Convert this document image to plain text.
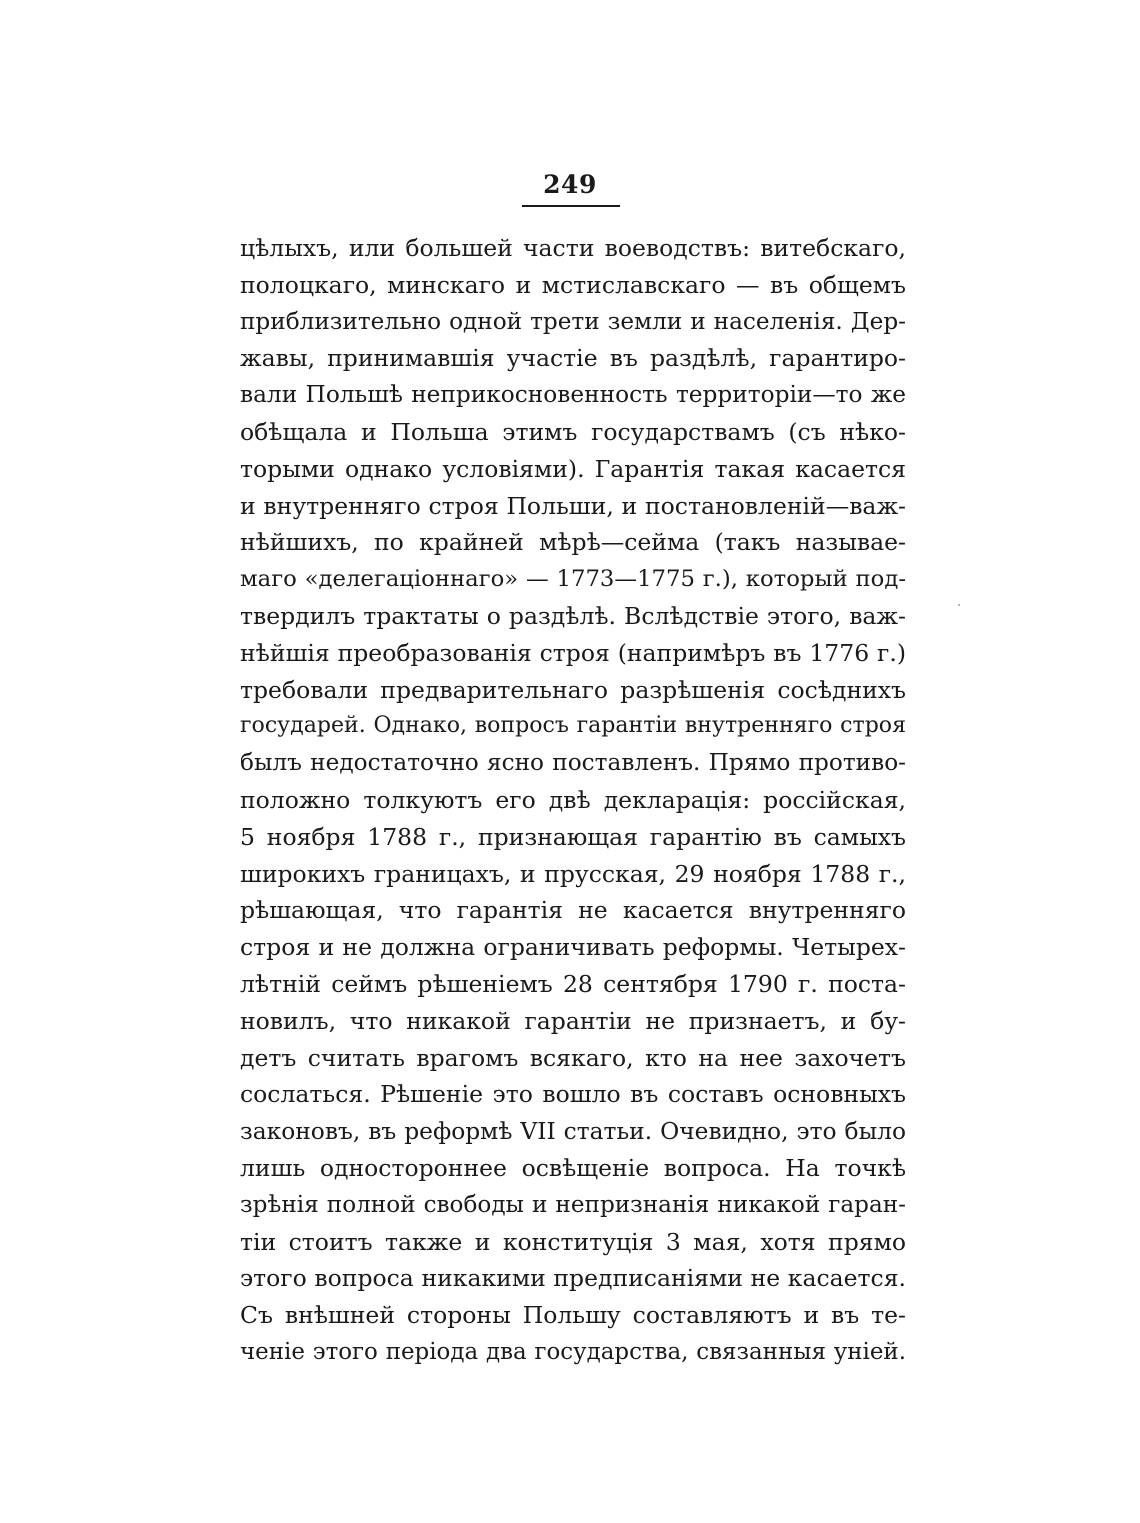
249
цѣлыхъ, или большей части воеводствъ: витебскаго,
полоцкаго, минскаго и мстиславскаго — въ общемъ
приблизительно одной трети земли и населенія. Дер-
жавы, принимавшія участіе въ раздѣлѣ, гарантиро-
вали Польшѣ неприкосновенность территоріи—то же
обѣщала и Польша этимъ государствамъ (съ нѣко-
торыми однако условіями). Гарантія такая касается
и внутренняго строя Польши, и постановленій—важ-
нѣйшихъ, по крайней мѣрѣ—сейма (такъ называе-
маго «делегаціоннаго» — 1773—1775 г.), который под-
твердилъ трактаты о раздѣлѣ. Вслѣдствіе этого, важ-
нѣйшія преобразованія строя (напримѣръ въ 1776 г.)
требовали предварительнаго разрѣшенія сосѣднихъ
государей. Однако, вопросъ гарантіи внутренняго строя
былъ недостаточно ясно поставленъ. Прямо противо-
положно толкуютъ его двѣ декларація: россійская,
5 ноября 1788 г., признающая гарантію въ самыхъ
широкихъ границахъ, и прусская, 29 ноября 1788 г.,
рѣшающая, что гарантія не касается внутренняго
строя и не должна ограничивать реформы. Четырех-
лѣтній сеймъ рѣшеніемъ 28 сентября 1790 г. поста-
новилъ, что никакой гарантіи не признаетъ, и бу-
детъ считать врагомъ всякаго, кто на нее захочетъ
сослаться. Рѣшеніе это вошло въ составъ основныхъ
законовъ, въ реформѣ VII статьи. Очевидно, это было
лишь одностороннее освѣщеніе вопроса. На точкѣ
зрѣнія полной свободы и непризнанія никакой гаран-
тіи стоитъ также и конституція 3 мая, хотя прямо
этого вопроса никакими предписаніями не касается.
Съ внѣшней стороны Польшу составляютъ и въ те-
ченіе этого періода два государства, связанныя уніей.
